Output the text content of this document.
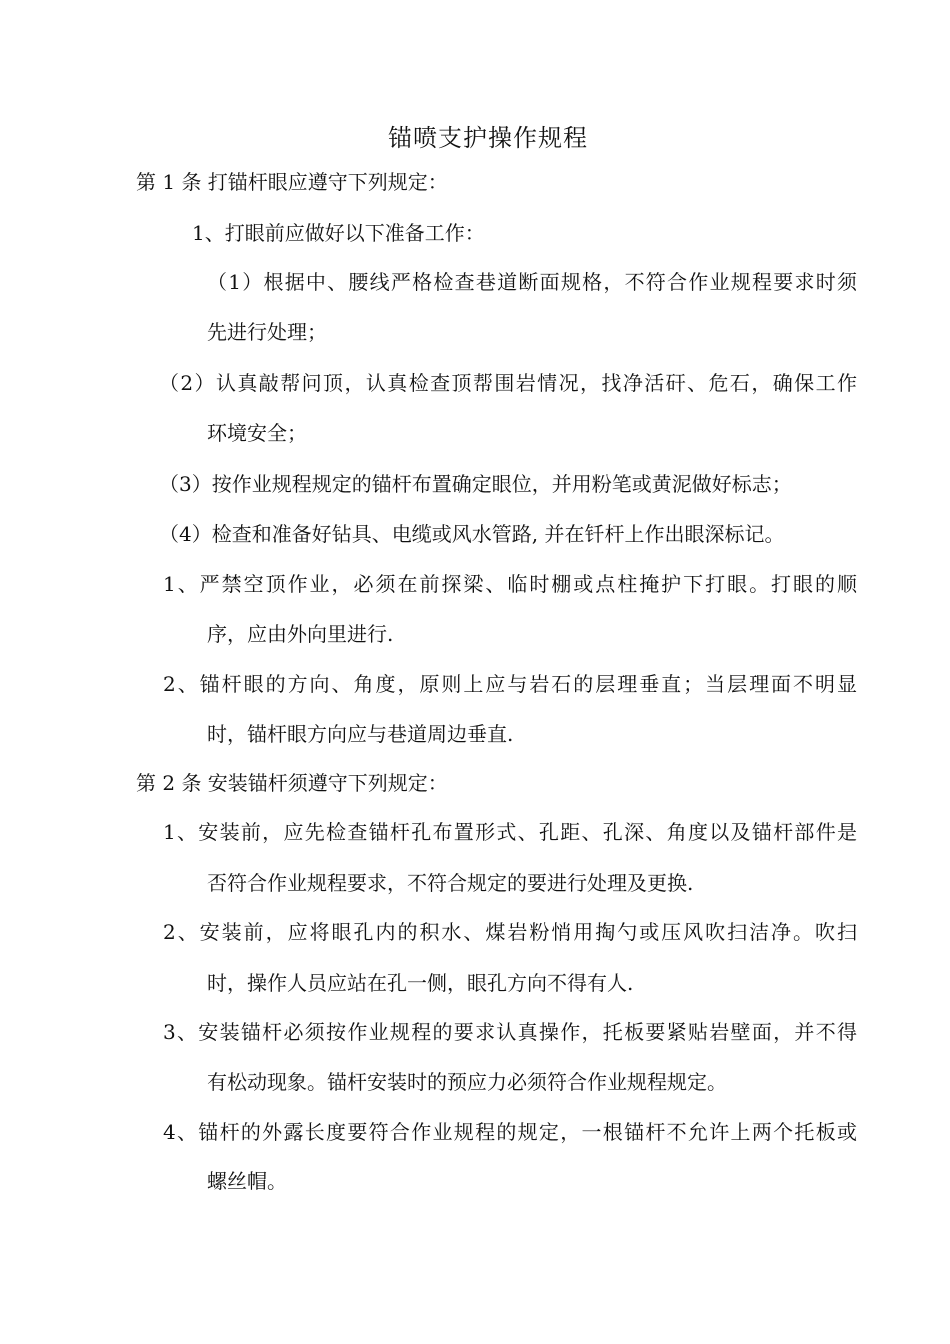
锚喷支护操作规程
第 1 条 打锚杆眼应遵守下列规定：
1、打眼前应做好以下准备工作：
（1）根据中、腰线严格检查巷道断面规格，不符合作业规程要求时须
先进行处理；
（2）认真敲帮问顶，认真检查顶帮围岩情况，找净活矸、危石，确保工作
环境安全；
（3）按作业规程规定的锚杆布置确定眼位，并用粉笔或黄泥做好标志；
（4）检查和准备好钻具、电缆或风水管路, 并在钎杆上作出眼深标记。
1、严禁空顶作业，必须在前探梁、临时棚或点柱掩护下打眼。打眼的顺
序，应由外向里进行.
2、锚杆眼的方向、角度，原则上应与岩石的层理垂直；当层理面不明显
时，锚杆眼方向应与巷道周边垂直.
第 2 条 安装锚杆须遵守下列规定：
1、安装前，应先检查锚杆孔布置形式、孔距、孔深、角度以及锚杆部件是
否符合作业规程要求，不符合规定的要进行处理及更换.
2、安装前，应将眼孔内的积水、煤岩粉悄用掏勺或压风吹扫洁净。吹扫
时，操作人员应站在孔一侧，眼孔方向不得有人.
3、安装锚杆必须按作业规程的要求认真操作，托板要紧贴岩壁面，并不得
有松动现象。锚杆安装时的预应力必须符合作业规程规定。
4、锚杆的外露长度要符合作业规程的规定，一根锚杆不允许上两个托板或
螺丝帽。
